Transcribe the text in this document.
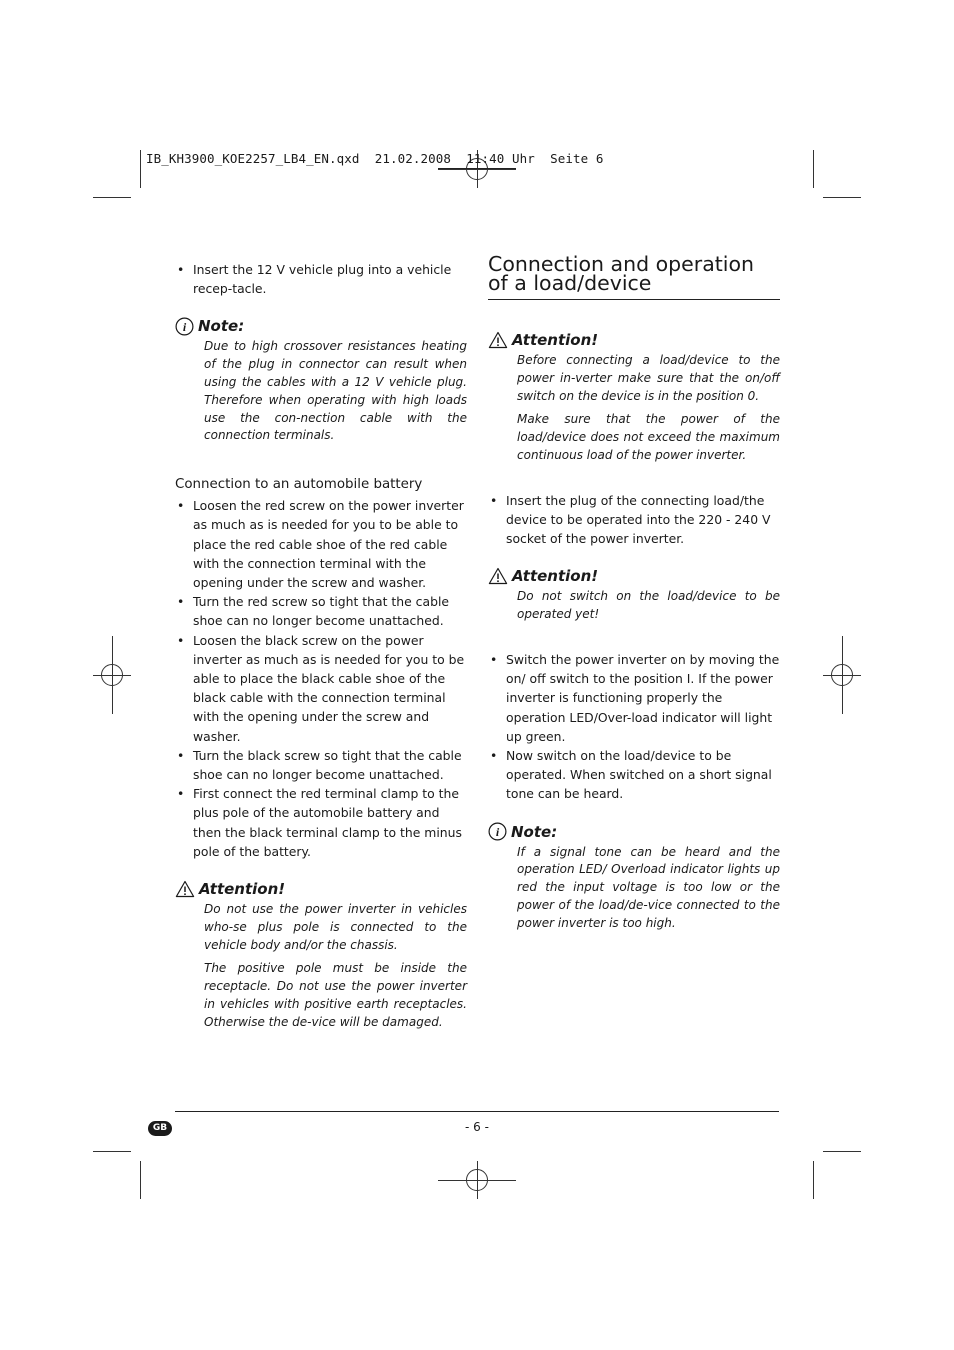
IB_KH3900_KOE2257_LB4_EN.qxd  21.02.2008  11:40 Uhr  Seite 6
• Insert the 12 V vehicle plug into a vehicle recep-tacle.
i Note:

Due to high crossover resistances heating of the plug in connector can result when using the cables with a 12 V vehicle plug. Therefore when operating with high loads use the con-nection cable with the connection terminals.

Connection to an automobile battery
• Loosen the red screw on the power inverter as much as is needed for you to be able to place the red cable shoe of the red cable with the connection terminal with the opening under the screw and washer.
• Turn the red screw so tight that the cable shoe can no longer become unattached.
• Loosen the black screw on the power inverter as much as is needed for you to be able to place the black cable shoe of the black cable with the connection terminal with the opening under the screw and washer.
• Turn the black screw so tight that the cable shoe can no longer become unattached.
• First connect the red terminal clamp to the plus pole of the automobile battery and then the black terminal clamp to the minus pole of the battery.
Attention!

Do not use the power inverter in vehicles who-se plus pole is connected to the vehicle body and/or the chassis.

The positive pole must be inside the receptacle. Do not use the power inverter in vehicles with positive earth receptacles. Otherwise the de-vice will be damaged.

Connection and operation of a load/device
Attention!

Before connecting a load/device to the power in-verter make sure that the on/off switch on the device is in the position 0.

Make sure that the power of the load/device does not exceed the maximum continuous load of the power inverter.

• Insert the plug of the connecting load/the device to be operated into the 220 - 240 V socket of the power inverter.
Attention!

Do not switch on the load/device to be operated yet!

• Switch the power inverter on by moving the on/ off switch to the position I. If the power inverter is functioning properly the operation LED/Over-load indicator will light up green.
• Now switch on the load/device to be operated. When switched on a short signal tone can be heard.
i Note:

If a signal tone can be heard and the operation LED/ Overload indicator lights up red the input voltage is too low or the power of the load/de-vice connected to the power inverter is too high.

GB	- 6 -
